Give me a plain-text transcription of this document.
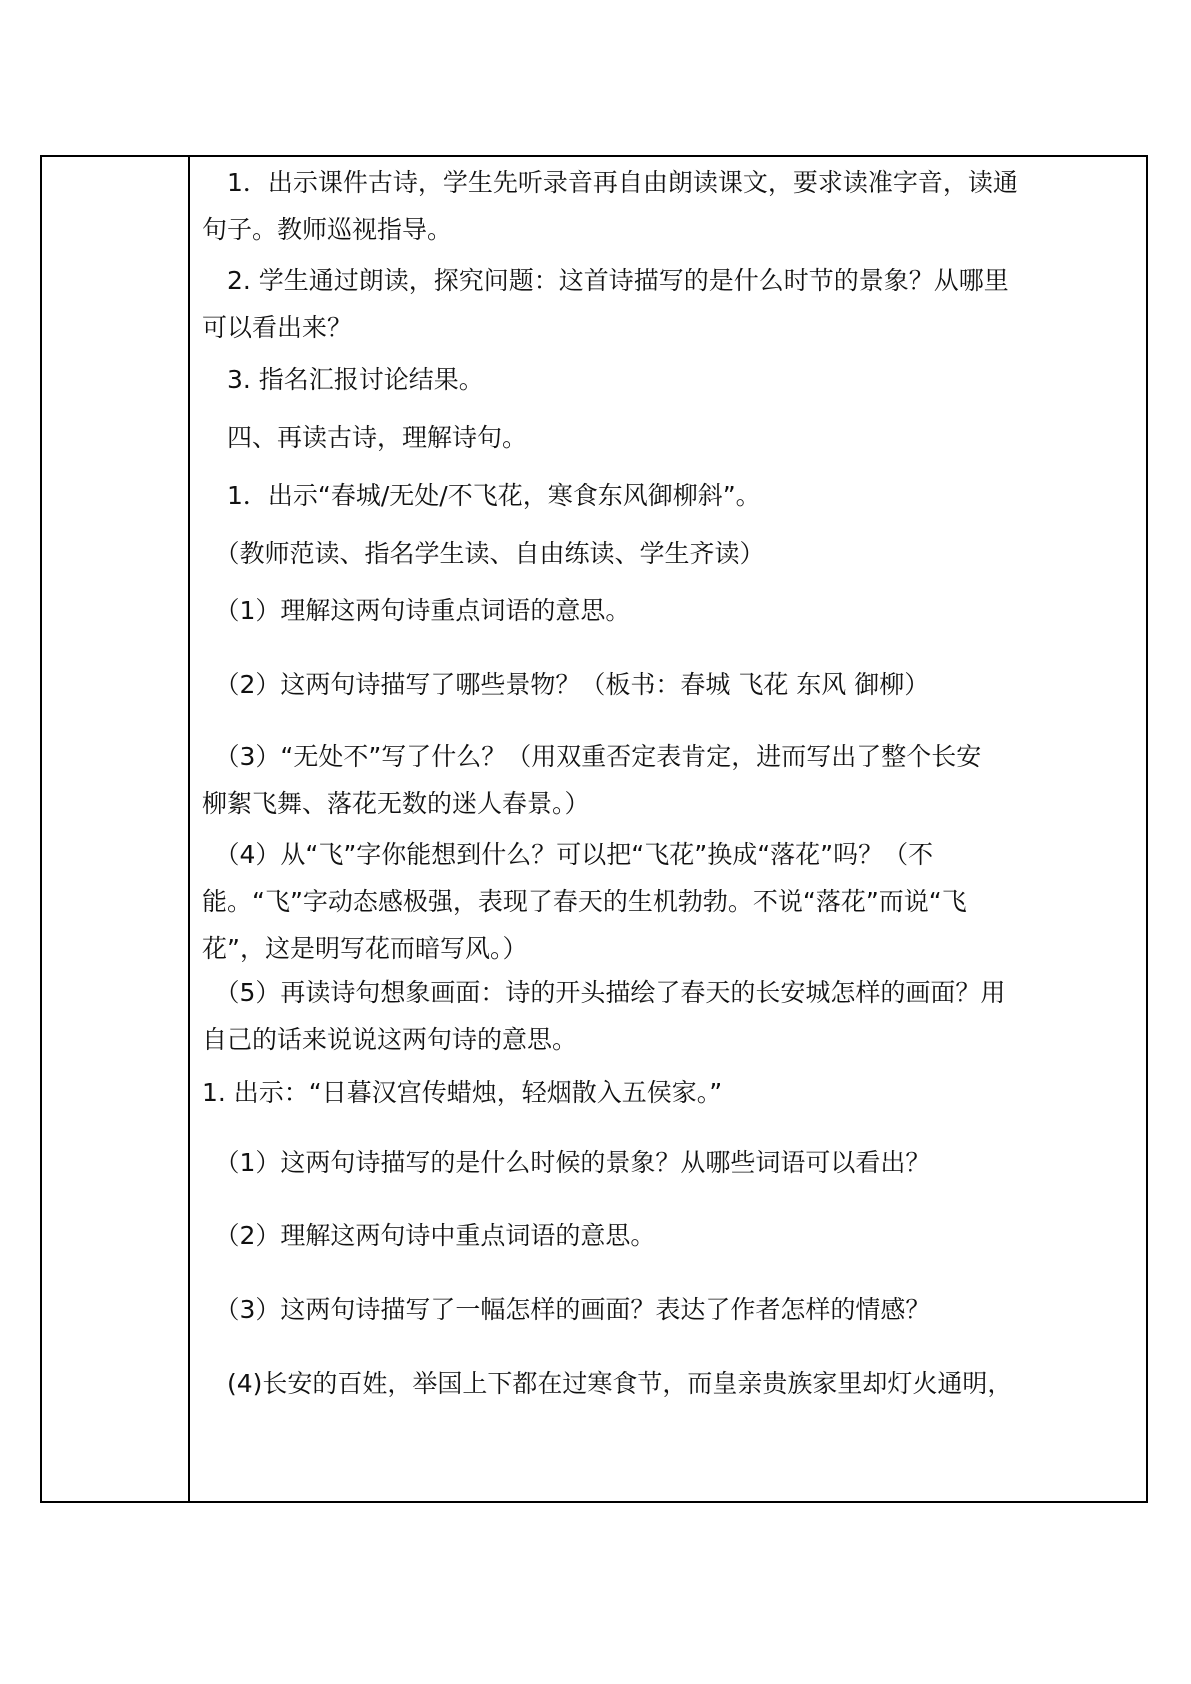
　1．出示课件古诗，学生先听录音再自由朗读课文，要求读准字音，读通
句子。教师巡视指导。
　2. 学生通过朗读，探究问题：这首诗描写的是什么时节的景象？从哪里
可以看出来？
　3. 指名汇报讨论结果。
　四、再读古诗，理解诗句。
　1．出示“春城/无处/不飞花，寒食东风御柳斜”。
　（教师范读、指名学生读、自由练读、学生齐读）
　（1）理解这两句诗重点词语的意思。
　（2）这两句诗描写了哪些景物？（板书：春城 飞花 东风 御柳）
　（3）“无处不”写了什么？（用双重否定表肯定，进而写出了整个长安
柳絮飞舞、落花无数的迷人春景。）
　（4）从“飞”字你能想到什么？可以把“飞花”换成“落花”吗？（不
能。“飞”字动态感极强，表现了春天的生机勃勃。不说“落花”而说“飞
花”，这是明写花而暗写风。）
　（5）再读诗句想象画面：诗的开头描绘了春天的长安城怎样的画面？用
自己的话来说说这两句诗的意思。
1. 出示：“日暮汉宫传蜡烛，轻烟散入五侯家。”
　（1）这两句诗描写的是什么时候的景象？从哪些词语可以看出？
　（2）理解这两句诗中重点词语的意思。
　（3）这两句诗描写了一幅怎样的画面？表达了作者怎样的情感？
　(4)长安的百姓，举国上下都在过寒食节，而皇亲贵族家里却灯火通明，
